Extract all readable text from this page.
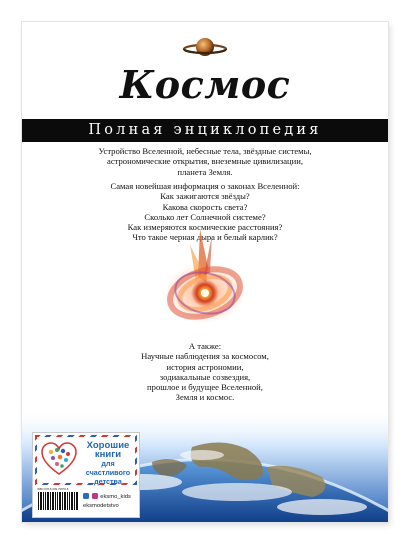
Космос
Полная энциклопедия
Устройство Вселенной, небесные тела, звёздные системы,
астрономические открытия, внеземные цивилизации,
планета Земля.
Самая новейшая информация о законах Вселенной:
Как зажигаются звёзды?
Какова скорость света?
Сколько лет Солнечной системе?
Как измеряются космические расстояния?
Что такое черная дыра и белый карлик?
А также:
Научные наблюдения за космосом,
история астрономии,
зодиакальные созвездия,
прошлое и будущее Вселенной,
Земля и космос.
Хорошие
книги
для счастливого
детства
ISBN 978-5-699-79878-8
eksmo_kids
eksmodetstvo
